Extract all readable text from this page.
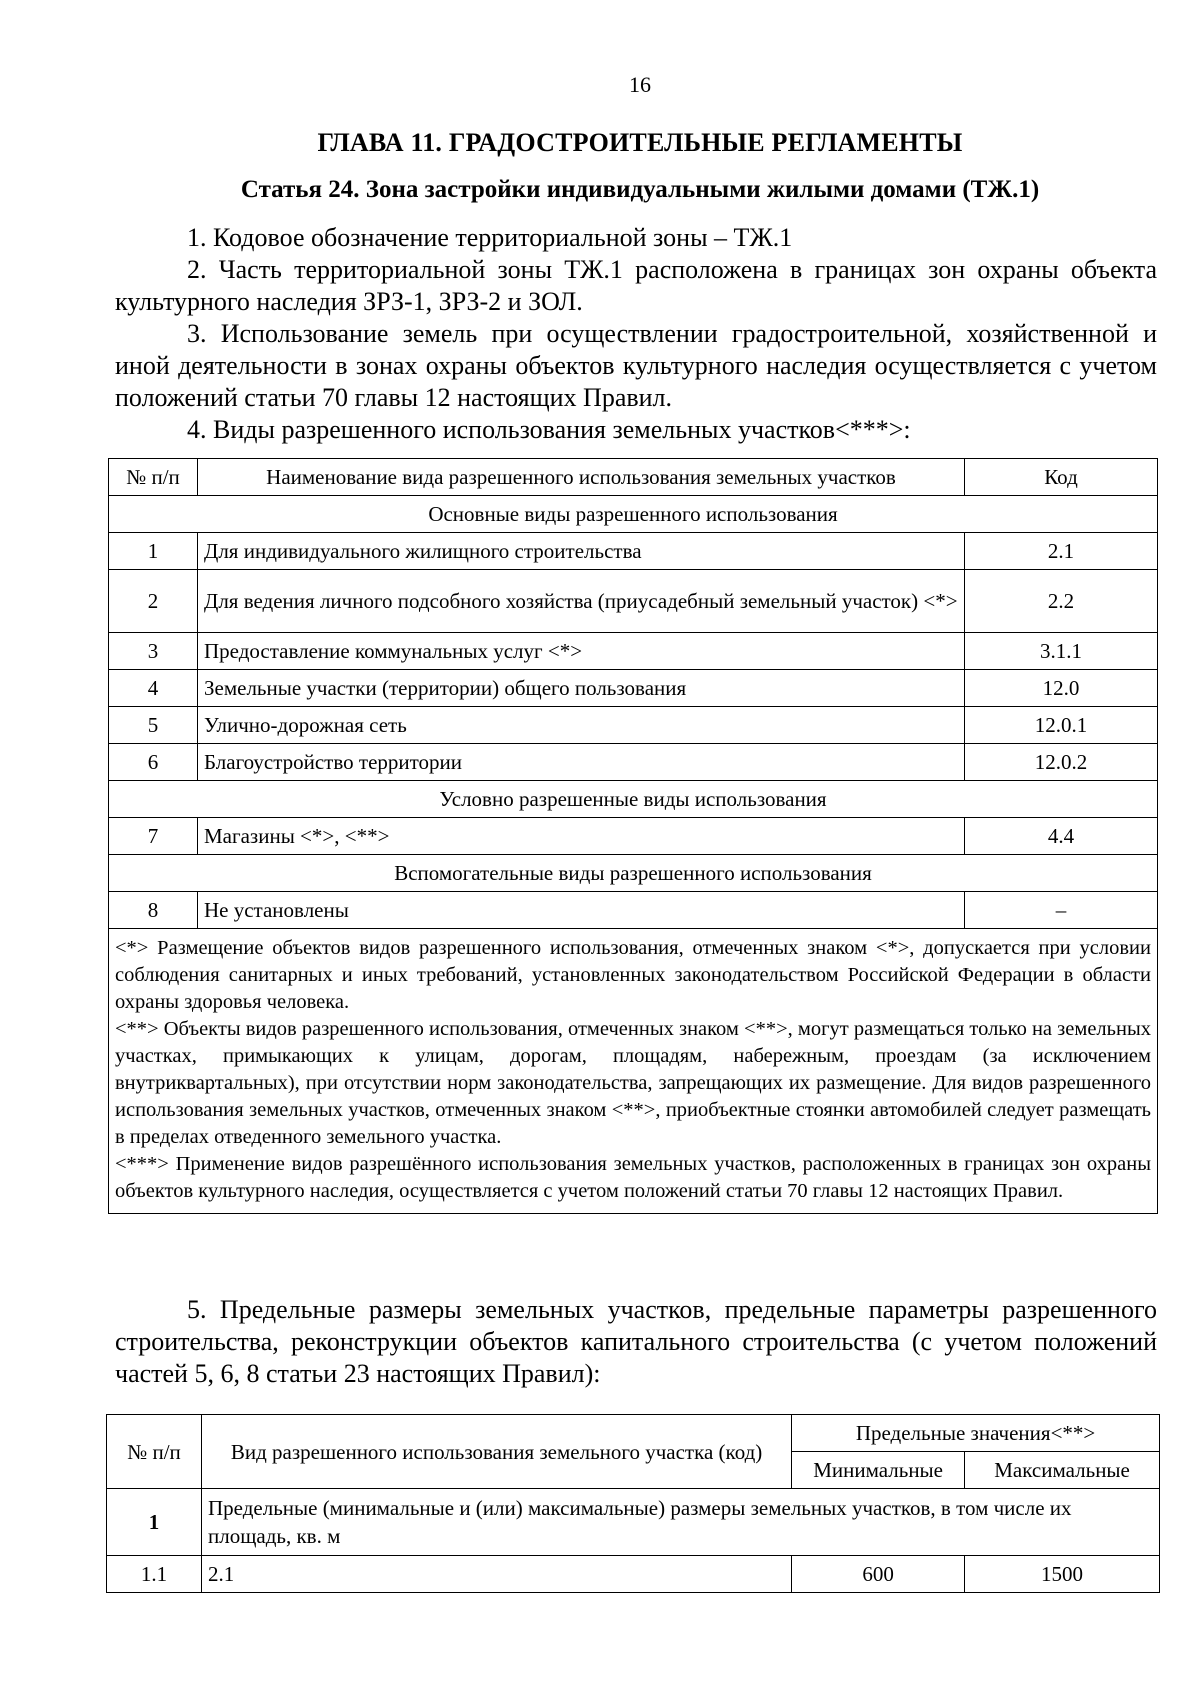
16
ГЛАВА 11. ГРАДОСТРОИТЕЛЬНЫЕ РЕГЛАМЕНТЫ
Статья 24. Зона застройки индивидуальными жилыми домами (ТЖ.1)
1. Кодовое обозначение территориальной зоны – ТЖ.1
2. Часть территориальной зоны ТЖ.1 расположена в границах зон охраны объекта культурного наследия ЗРЗ-1, ЗРЗ-2 и ЗОЛ.
3. Использование земель при осуществлении градостроительной, хозяйственной и иной деятельности в зонах охраны объектов культурного наследия осуществляется с учетом положений статьи 70 главы 12 настоящих Правил.
4. Виды разрешенного использования земельных участков<***>:
№ п/п	Наименование вида разрешенного использования земельных участков	Код
Основные виды разрешенного использования		
1	Для индивидуального жилищного строительства	2.1
2	Для ведения личного подсобного хозяйства (приусадебный земельный участок) <*>	2.2
3	Предоставление коммунальных услуг <*>	3.1.1
4	Земельные участки (территории) общего пользования	12.0
5	Улично-дорожная сеть	12.0.1
6	Благоустройство территории	12.0.2
Условно разрешенные виды использования		
7	Магазины <*>, <**>	4.4
Вспомогательные виды разрешенного использования		
8	Не установлены	–

<*> Размещение объектов видов разрешенного использования, отмеченных знаком <*>, допускается при условии соблюдения санитарных и иных требований, установленных законодательством Российской Федерации в области охраны здоровья человека.
<**> Объекты видов разрешенного использования, отмеченных знаком <**>, могут размещаться только на земельных участках, примыкающих к улицам, дорогам, площадям, набережным, проездам (за исключением внутриквартальных), при отсутствии норм законодательства, запрещающих их размещение. Для видов разрешенного использования земельных участков, отмеченных знаком <**>, приобъектные стоянки автомобилей следует размещать в пределах отведенного земельного участка.
<***> Применение видов разрешённого использования земельных участков, расположенных в границах зон охраны объектов культурного наследия, осуществляется с учетом положений статьи 70 главы 12 настоящих Правил.		
5. Предельные размеры земельных участков, предельные параметры разрешенного строительства, реконструкции объектов капитального строительства (с учетом положений частей 5, 6, 8 статьи 23 настоящих Правил):
№ п/п	Вид разрешенного использования земельного участка (код)	Предельные значения<**>	
		Минимальные	Максимальные
1	Предельные (минимальные и (или) максимальные) размеры земельных участков, в том числе их площадь, кв. м		
1.1	2.1	600	1500
